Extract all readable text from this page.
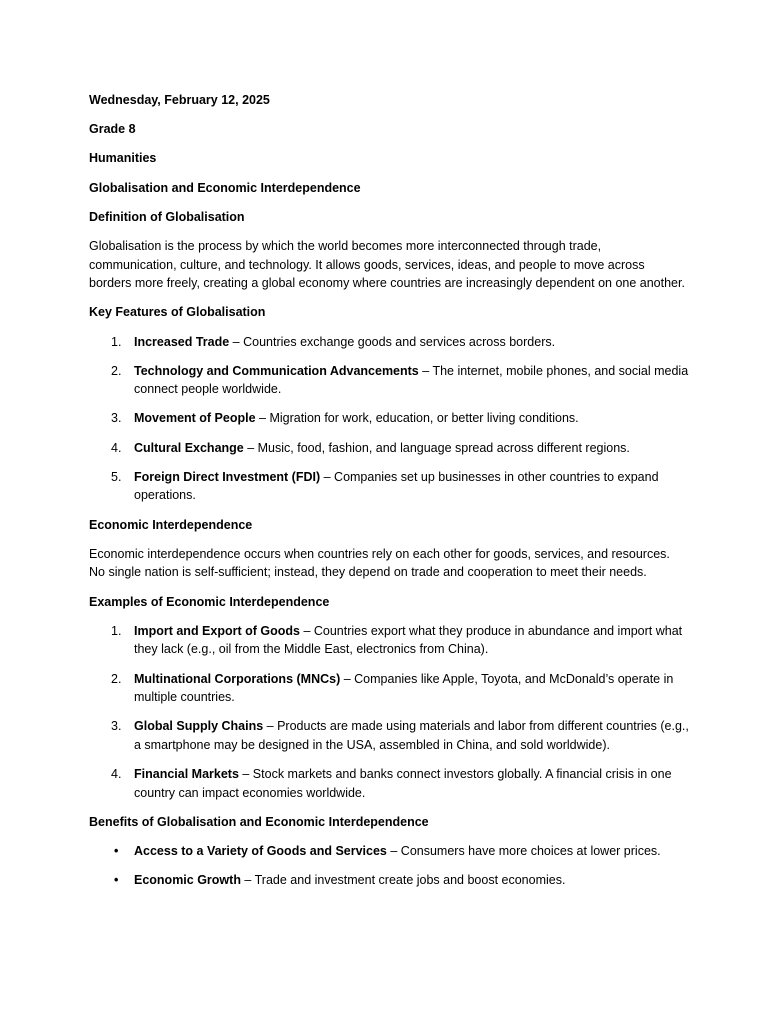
Wednesday, February 12, 2025

Grade 8

Humanities

Globalisation and Economic Interdependence

Definition of Globalisation

Globalisation is the process by which the world becomes more interconnected through trade, communication, culture, and technology. It allows goods, services, ideas, and people to move across borders more freely, creating a global economy where countries are increasingly dependent on one another.

Key Features of Globalisation

1. Increased Trade – Countries exchange goods and services across borders.
2. Technology and Communication Advancements – The internet, mobile phones, and social media connect people worldwide.
3. Movement of People – Migration for work, education, or better living conditions.
4. Cultural Exchange – Music, food, fashion, and language spread across different regions.
5. Foreign Direct Investment (FDI) – Companies set up businesses in other countries to expand operations.

Economic Interdependence

Economic interdependence occurs when countries rely on each other for goods, services, and resources. No single nation is self-sufficient; instead, they depend on trade and cooperation to meet their needs.

Examples of Economic Interdependence

1. Import and Export of Goods – Countries export what they produce in abundance and import what they lack (e.g., oil from the Middle East, electronics from China).
2. Multinational Corporations (MNCs) – Companies like Apple, Toyota, and McDonald’s operate in multiple countries.
3. Global Supply Chains – Products are made using materials and labor from different countries (e.g., a smartphone may be designed in the USA, assembled in China, and sold worldwide).
4. Financial Markets – Stock markets and banks connect investors globally. A financial crisis in one country can impact economies worldwide.

Benefits of Globalisation and Economic Interdependence

• Access to a Variety of Goods and Services – Consumers have more choices at lower prices.
• Economic Growth – Trade and investment create jobs and boost economies.
